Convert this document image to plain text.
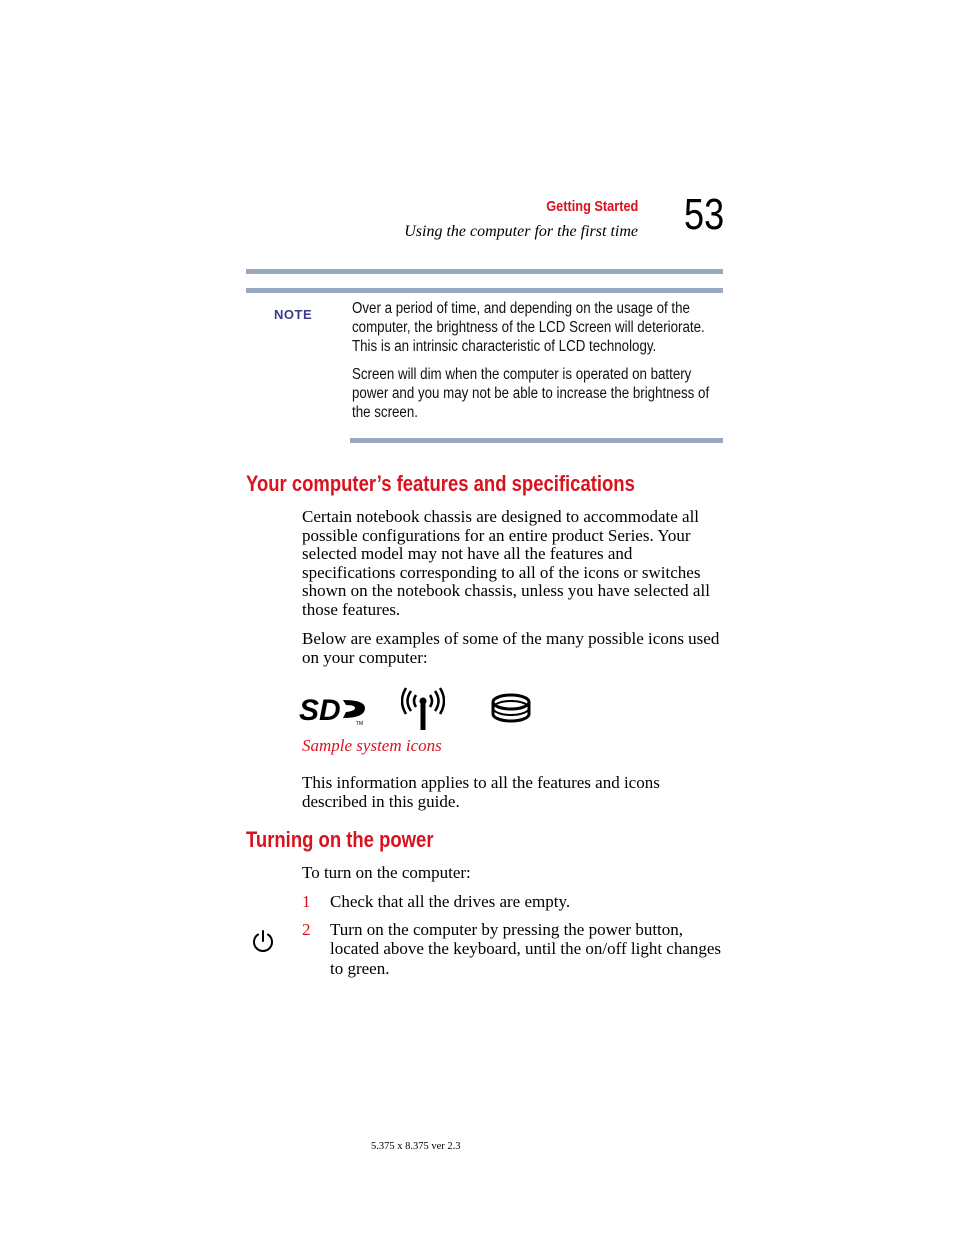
Getting Started
Using the computer for the first time 53
NOTE	Over a period of time, and depending on the usage of the computer, the brightness of the LCD Screen will deteriorate. This is an intrinsic characteristic of LCD technology.
Screen will dim when the computer is operated on battery power and you may not be able to increase the brightness of the screen.
Your computer’s features and specifications
Certain notebook chassis are designed to accommodate all possible configurations for an entire product Series. Your selected model may not have all the features and specifications corresponding to all of the icons or switches shown on the notebook chassis, unless you have selected all those features.
Below are examples of some of the many possible icons used on your computer:
SD	TM
Sample system icons
This information applies to all the features and icons described in this guide.
Turning on the power
To turn on the computer:
1 Check that all the drives are empty.
2 Turn on the computer by pressing the power button, located above the keyboard, until the on/off light changes to green.
5.375 x 8.375 ver 2.3
